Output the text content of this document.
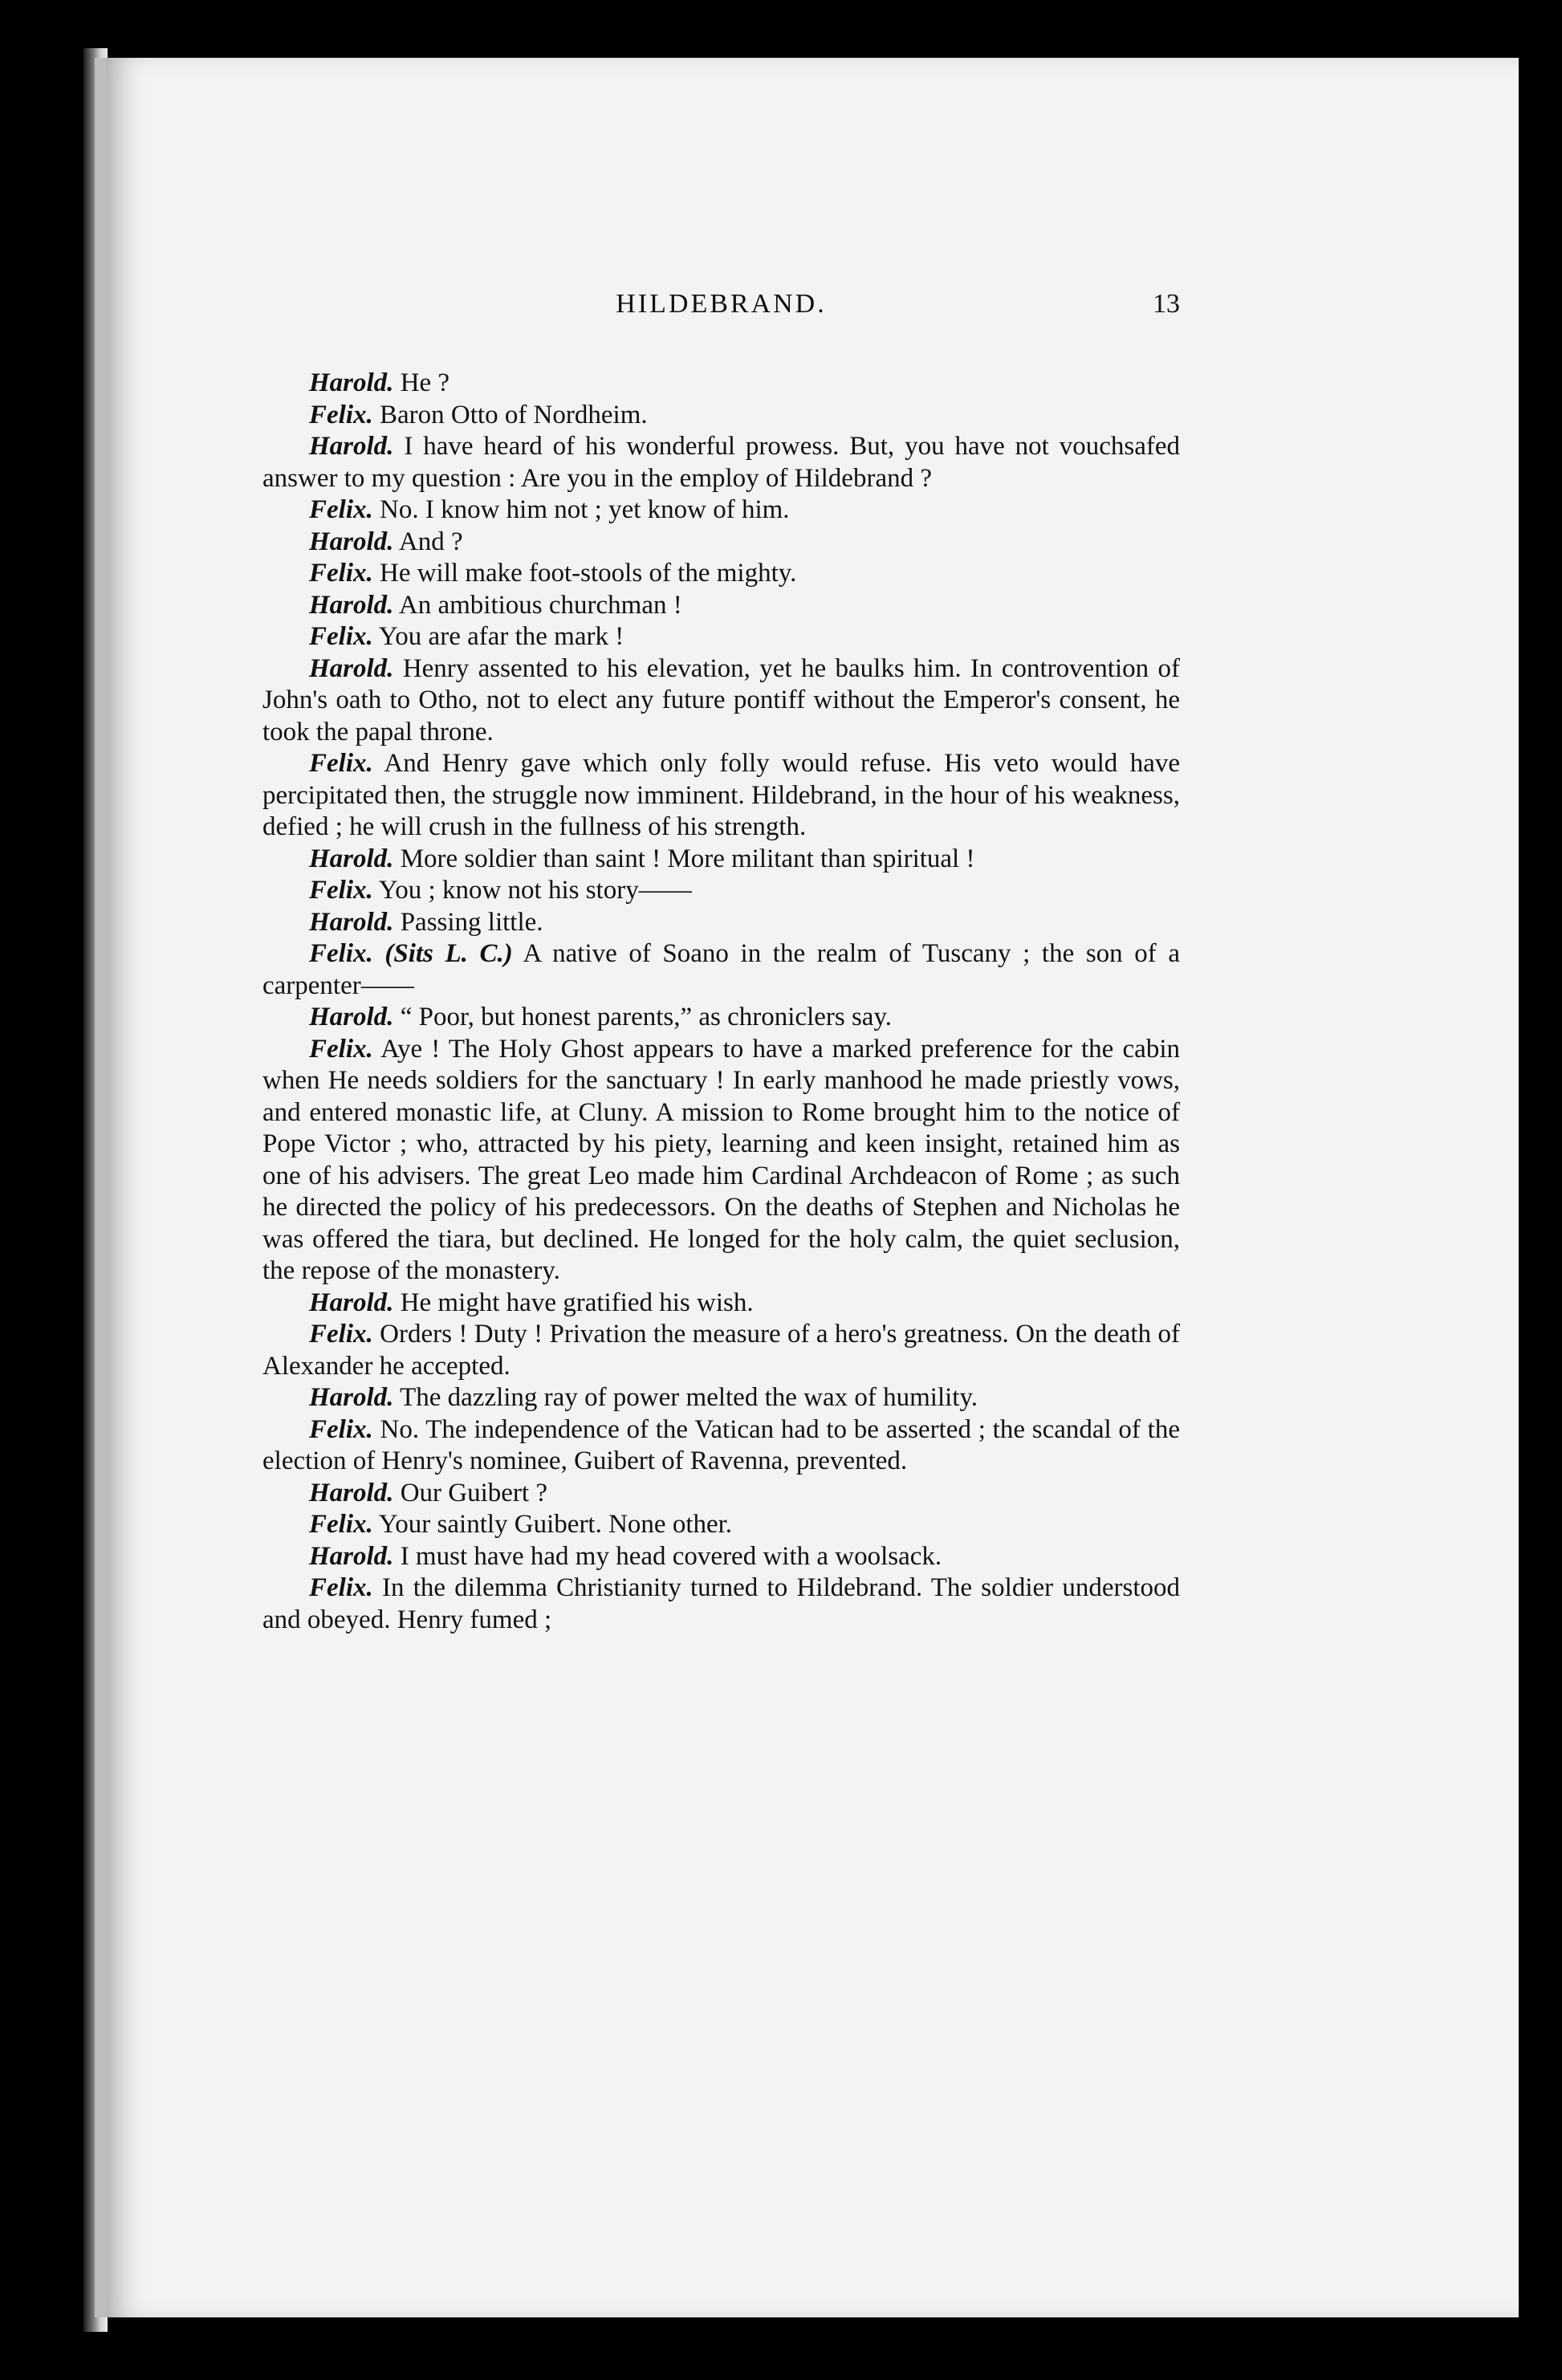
HILDEBRAND.	13

Harold. He ?

Felix. Baron Otto of Nordheim.

Harold. I have heard of his wonderful prowess. But, you have not vouchsafed answer to my question : Are you in the employ of Hildebrand ?

Felix. No. I know him not ; yet know of him.

Harold. And ?

Felix. He will make foot-stools of the mighty.

Harold. An ambitious churchman !

Felix. You are afar the mark !

Harold. Henry assented to his elevation, yet he baulks him. In controvention of John's oath to Otho, not to elect any future pontiff without the Emperor's consent, he took the papal throne.

Felix. And Henry gave which only folly would refuse. His veto would have percipitated then, the struggle now imminent. Hildebrand, in the hour of his weakness, defied ; he will crush in the fullness of his strength.

Harold. More soldier than saint ! More militant than spiritual !

Felix. You ; know not his story——

Harold. Passing little.

Felix. (Sits L. C.) A native of Soano in the realm of Tuscany ; the son of a carpenter——

Harold. “ Poor, but honest parents,” as chroniclers say.

Felix. Aye ! The Holy Ghost appears to have a marked preference for the cabin when He needs soldiers for the sanctuary ! In early manhood he made priestly vows, and entered monastic life, at Cluny. A mission to Rome brought him to the notice of Pope Victor ; who, attracted by his piety, learning and keen insight, retained him as one of his advisers. The great Leo made him Cardinal Archdeacon of Rome ; as such he directed the policy of his predecessors. On the deaths of Stephen and Nicholas he was offered the tiara, but declined. He longed for the holy calm, the quiet seclusion, the repose of the monastery.

Harold. He might have gratified his wish.

Felix. Orders ! Duty ! Privation the measure of a hero's greatness. On the death of Alexander he accepted.

Harold. The dazzling ray of power melted the wax of humility.

Felix. No. The independence of the Vatican had to be asserted ; the scandal of the election of Henry's nominee, Guibert of Ravenna, prevented.

Harold. Our Guibert ?

Felix. Your saintly Guibert. None other.

Harold. I must have had my head covered with a woolsack.

Felix. In the dilemma Christianity turned to Hildebrand. The soldier understood and obeyed. Henry fumed ;
